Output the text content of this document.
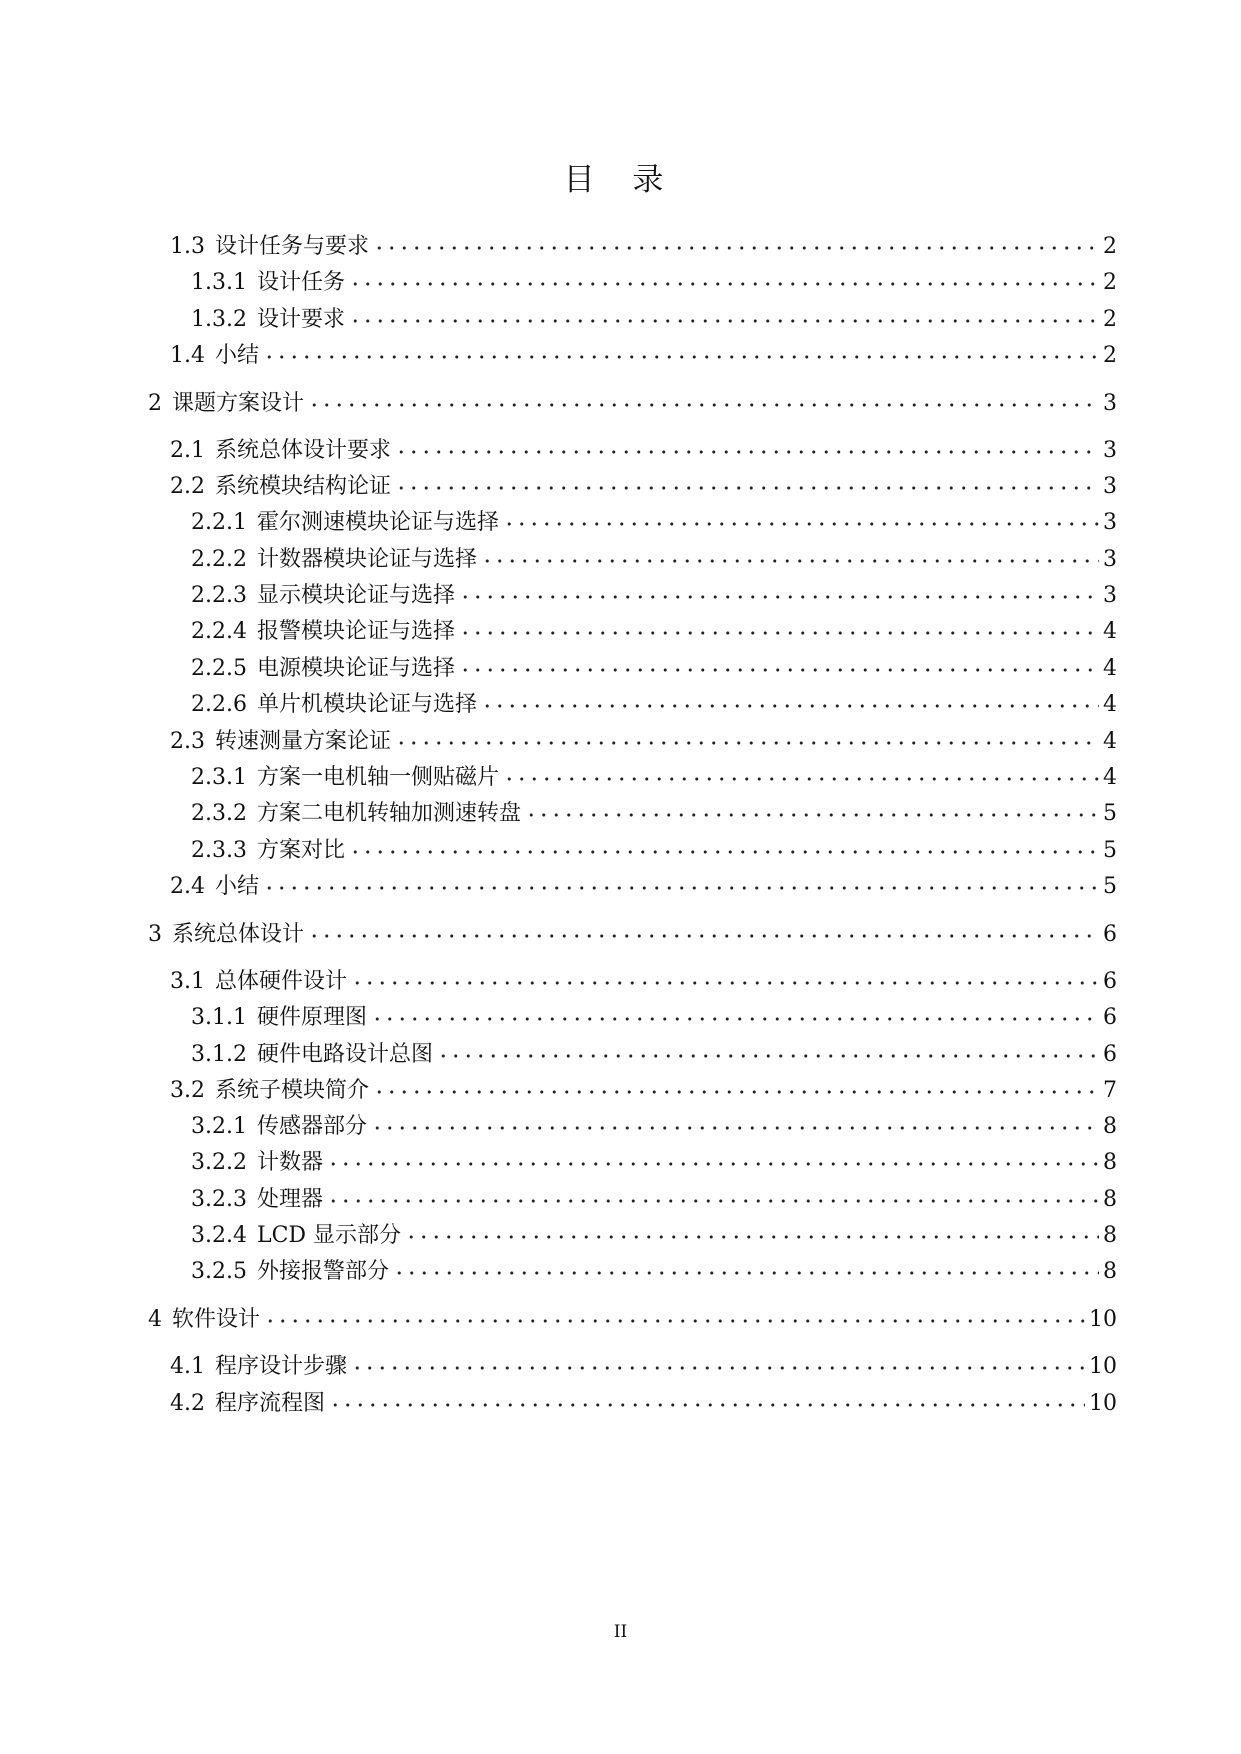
目 录
1.3 设计任务与要求	2
1.3.1 设计任务	2
1.3.2 设计要求	2
1.4 小结	2
2 课题方案设计	3
2.1 系统总体设计要求	3
2.2 系统模块结构论证	3
2.2.1 霍尔测速模块论证与选择	3
2.2.2 计数器模块论证与选择	3
2.2.3 显示模块论证与选择	3
2.2.4 报警模块论证与选择	4
2.2.5 电源模块论证与选择	4
2.2.6 单片机模块论证与选择	4
2.3 转速测量方案论证	4
2.3.1 方案一电机轴一侧贴磁片	4
2.3.2 方案二电机转轴加测速转盘	5
2.3.3 方案对比	5
2.4 小结	5
3 系统总体设计	6
3.1 总体硬件设计	6
3.1.1 硬件原理图	6
3.1.2 硬件电路设计总图	6
3.2 系统子模块简介	7
3.2.1 传感器部分	8
3.2.2 计数器	8
3.2.3 处理器	8
3.2.4 LCD 显示部分	8
3.2.5 外接报警部分	8
4 软件设计	10
4.1 程序设计步骤	10
4.2 程序流程图	10
II
